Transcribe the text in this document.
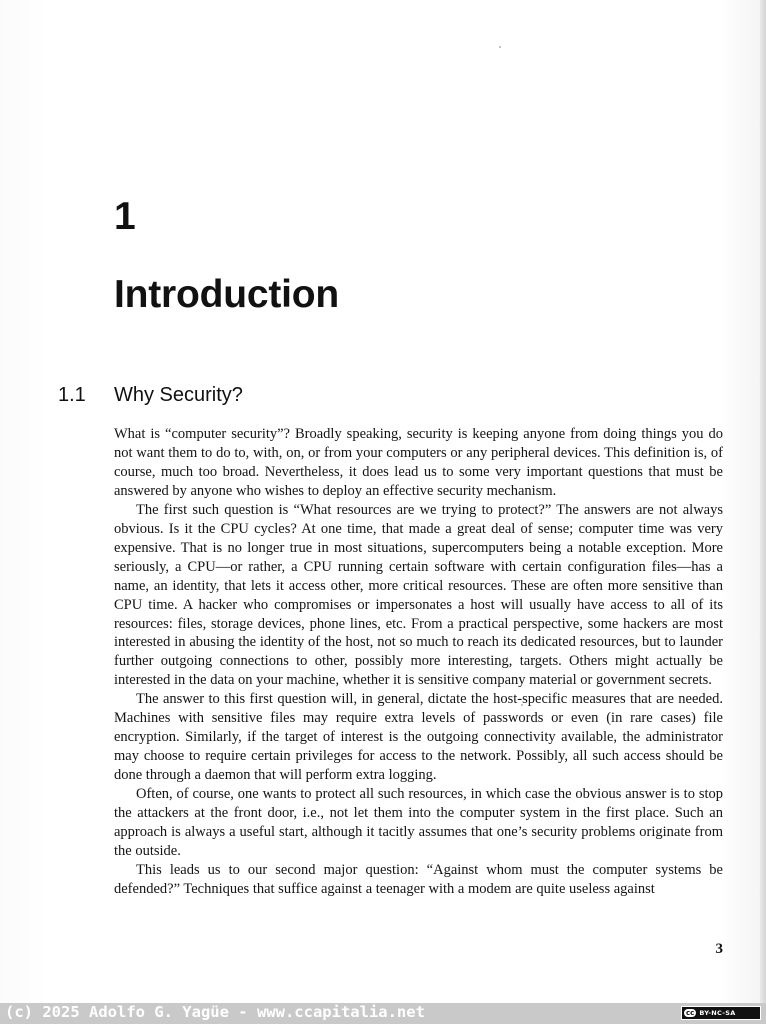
1
Introduction
1.1 Why Security?

What is “computer security”? Broadly speaking, security is keeping anyone from doing things you do not want them to do to, with, on, or from your computers or any peripheral devices. This definition is, of course, much too broad. Nevertheless, it does lead us to some very important questions that must be answered by anyone who wishes to deploy an effective security mechanism.

The first such question is “What resources are we trying to protect?” The answers are not always obvious. Is it the CPU cycles? At one time, that made a great deal of sense; computer time was very expensive. That is no longer true in most situations, supercomputers being a notable exception. More seriously, a CPU—or rather, a CPU running certain software with certain configuration files—has a name, an identity, that lets it access other, more critical resources. These are often more sensitive than CPU time. A hacker who compromises or impersonates a host will usually have access to all of its resources: files, storage devices, phone lines, etc. From a practical perspective, some hackers are most interested in abusing the identity of the host, not so much to reach its dedicated resources, but to launder further outgoing connections to other, possibly more interesting, targets. Others might actually be interested in the data on your machine, whether it is sensitive company material or government secrets.

The answer to this first question will, in general, dictate the host-specific measures that are needed. Machines with sensitive files may require extra levels of passwords or even (in rare cases) file encryption. Similarly, if the target of interest is the outgoing connectivity available, the administrator may choose to require certain privileges for access to the network. Possibly, all such access should be done through a daemon that will perform extra logging.

Often, of course, one wants to protect all such resources, in which case the obvious answer is to stop the attackers at the front door, i.e., not let them into the computer system in the first place. Such an approach is always a useful start, although it tacitly assumes that one’s security problems originate from the outside.

This leads us to our second major question: “Against whom must the computer systems be defended?” Techniques that suffice against a teenager with a modem are quite useless against

3
(c) 2025 Adolfo G. Yagüe - www.ccapitalia.net	cc BY-NC-SA
